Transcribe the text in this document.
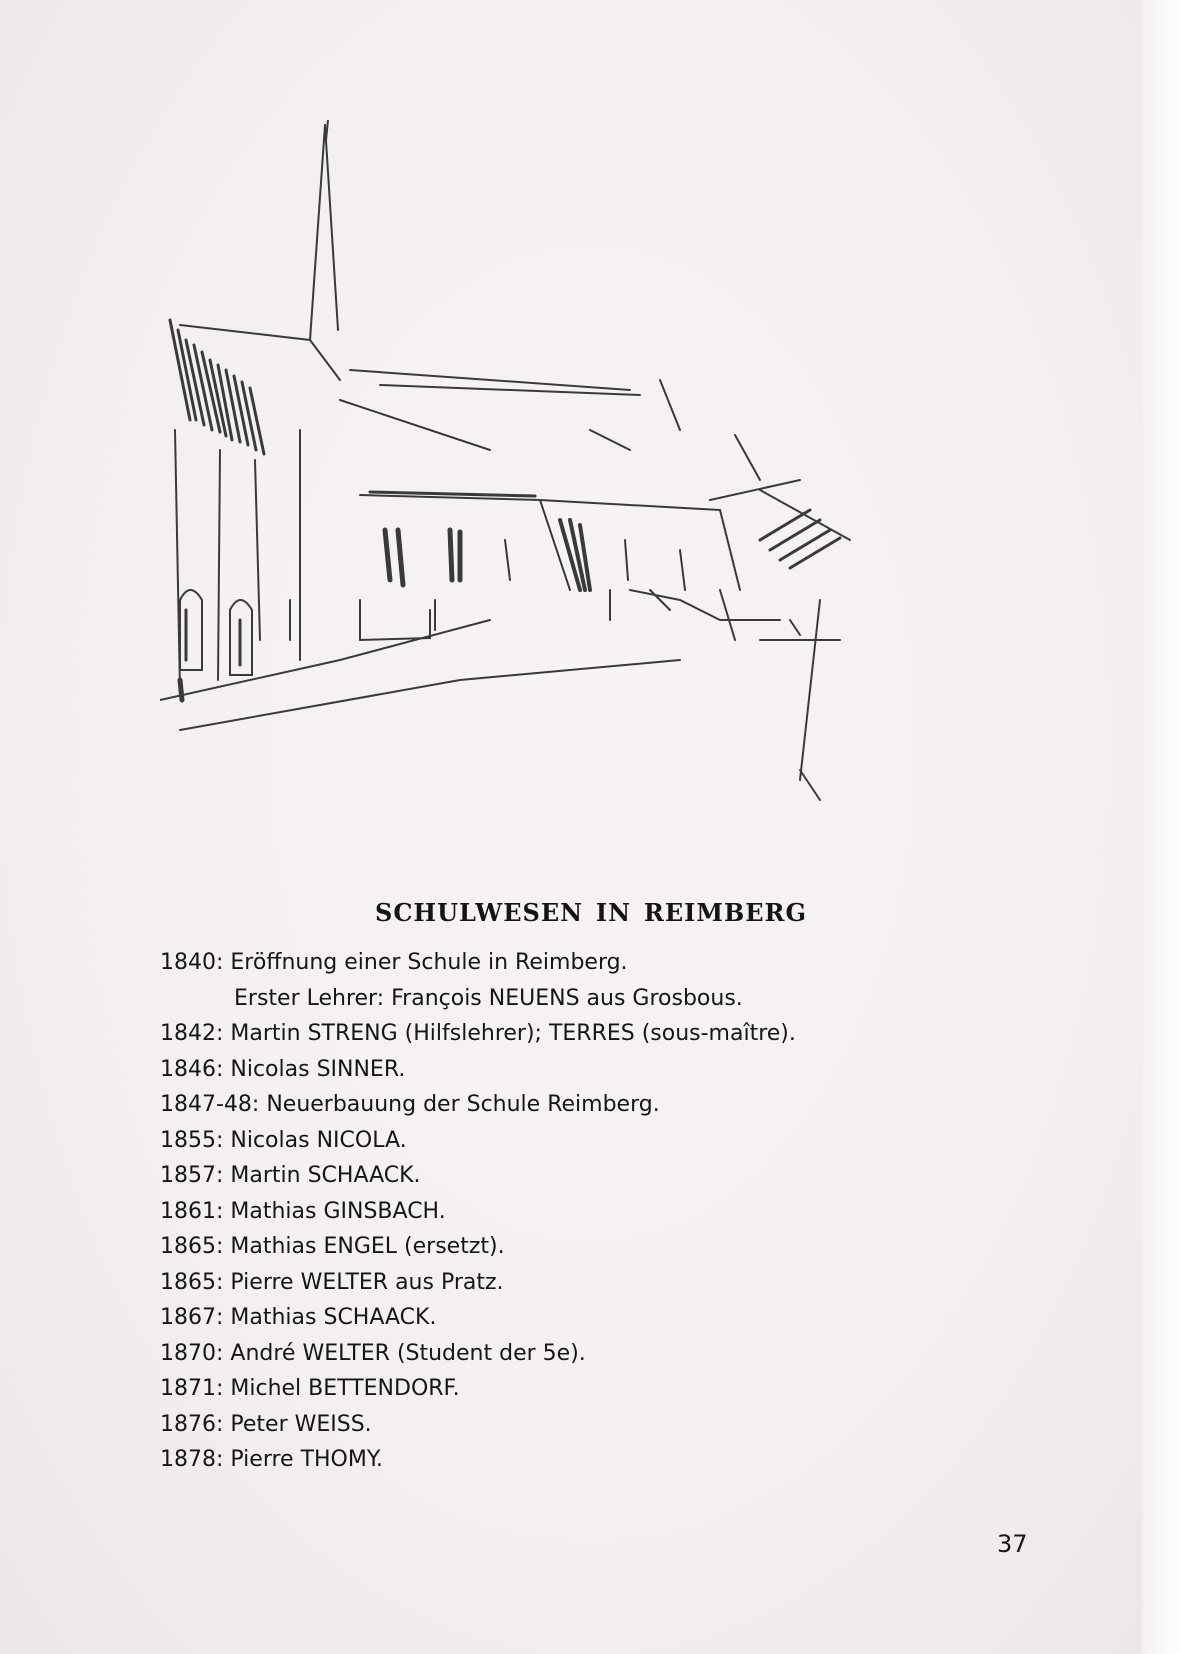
schulwesen in reimberg
1840: Eröffnung einer Schule in Reimberg.
Erster Lehrer: François NEUENS aus Grosbous.
1842: Martin STRENG (Hilfslehrer); TERRES (sous-maître).
1846: Nicolas SINNER.
1847-48: Neuerbauung der Schule Reimberg.
1855: Nicolas NICOLA.
1857: Martin SCHAACK.
1861: Mathias GINSBACH.
1865: Mathias ENGEL (ersetzt).
1865: Pierre WELTER aus Pratz.
1867: Mathias SCHAACK.
1870: André WELTER (Student der 5e).
1871: Michel BETTENDORF.
1876: Peter WEISS.
1878: Pierre THOMY.
37
